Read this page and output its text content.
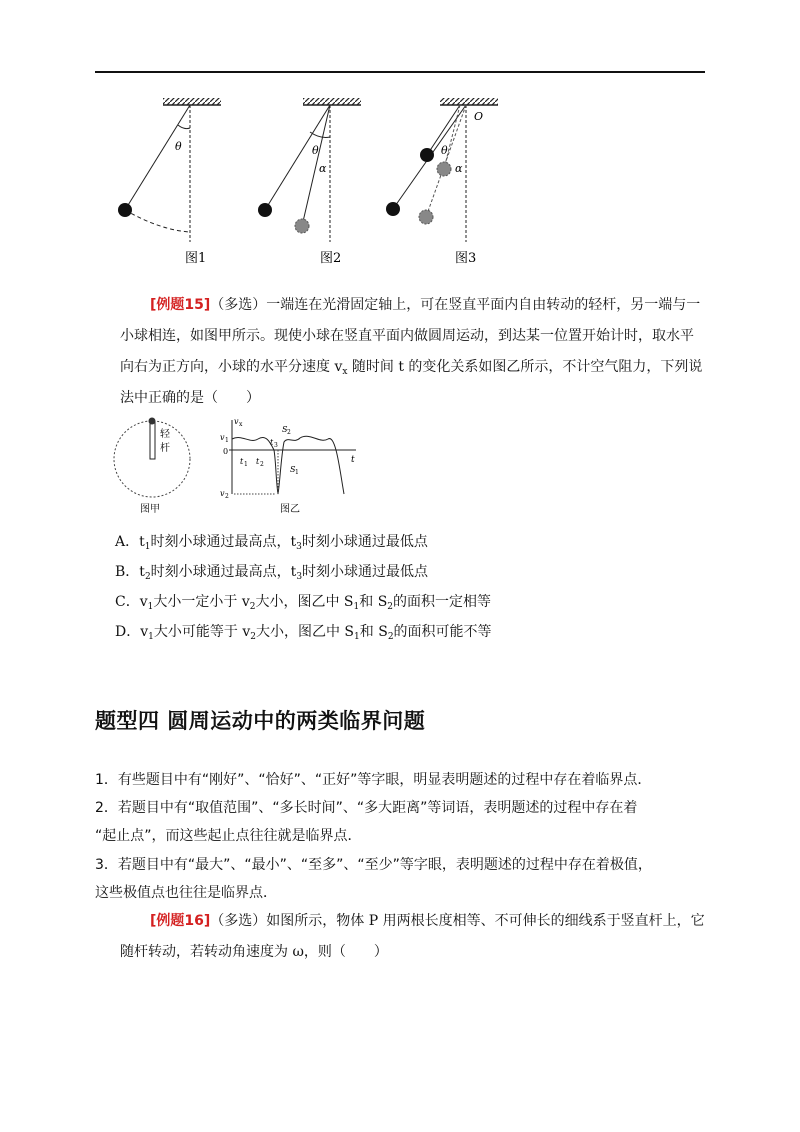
θ
图1
θ
α
图2
O
θ
α
图3
[例题15]（多选）一端连在光滑固定轴上，可在竖直平面内自由转动的轻杆，另一端与一小球相连，如图甲所示。现使小球在竖直平面内做圆周运动，到达某一位置开始计时，取水平向右为正方向，小球的水平分速度 $v_x$ 随时间 t 的变化关系如图乙所示，不计空气阻力，下列说法中正确的是（　　）
轻
杆
图甲
v x
t
0
v 1
v 2
t 1 t 2
t 3
S 2
S 1
图乙
A．$t_1$时刻小球通过最高点，$t_3$时刻小球通过最低点
B．$t_2$时刻小球通过最高点，$t_3$时刻小球通过最低点
C．$v_1$大小一定小于 $v_2$大小，图乙中 $S_1$和 $S_2$的面积一定相等
D．$v_1$大小可能等于 $v_2$大小，图乙中 $S_1$和 $S_2$的面积可能不等
题型四 圆周运动中的两类临界问题
1．有些题目中有“刚好”、“恰好”、“正好”等字眼，明显表明题述的过程中存在着临界点．
2．若题目中有“取值范围”、“多长时间”、“多大距离”等词语，表明题述的过程中存在着
“起止点”，而这些起止点往往就是临界点．
3．若题目中有“最大”、“最小”、“至多”、“至少”等字眼，表明题述的过程中存在着极值，
这些极值点也往往是临界点．
[例题16]（多选）如图所示，物体 P 用两根长度相等、不可伸长的细线系于竖直杆上，它
随杆转动，若转动角速度为 ω，则（　　）
